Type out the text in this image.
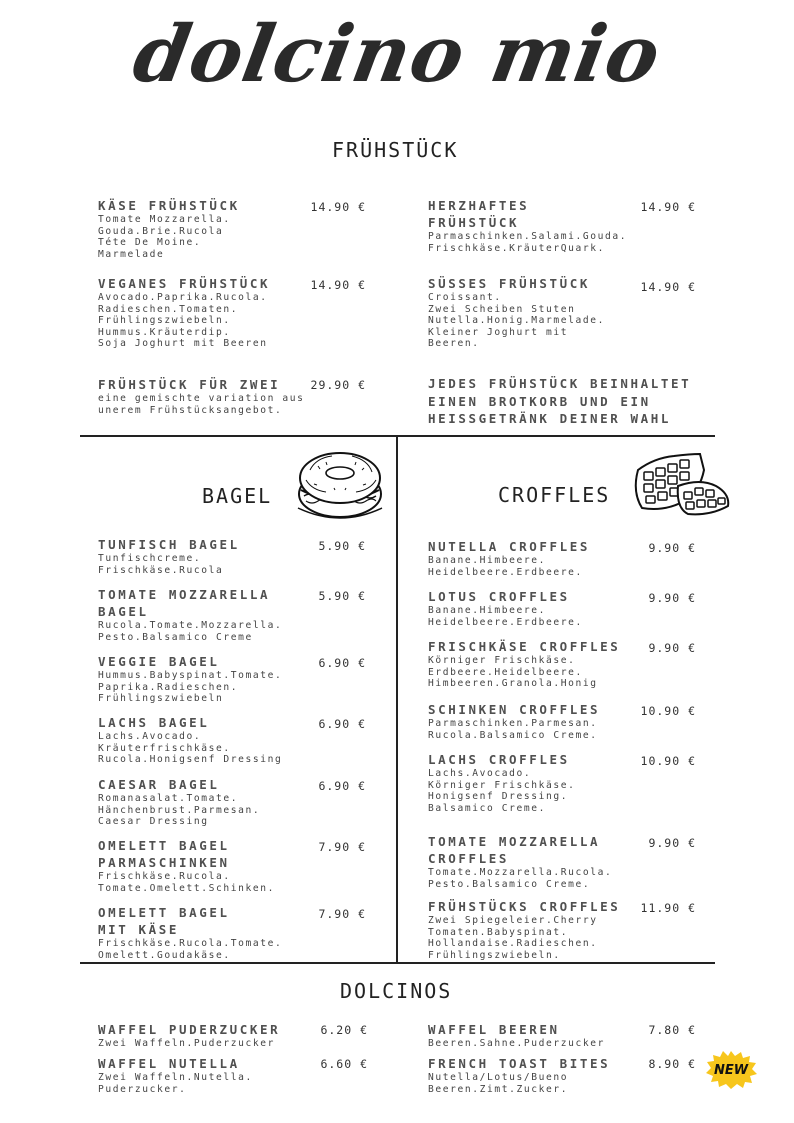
dolcino mio
FRÜHSTÜCK
KÄSE FRÜHSTÜCK
Tomate Mozzarella.
Gouda.Brie.Rucola
Téte De Moine.
Marmelade
14.90 €
VEGANES FRÜHSTÜCK
Avocado.Paprika.Rucola.
Radieschen.Tomaten.
Frühlingszwiebeln.
Hummus.Kräuterdip.
Soja Joghurt mit Beeren
14.90 €
FRÜHSTÜCK FÜR ZWEI
eine gemischte variation aus
unerem Frühstücksangebot.
29.90 €
HERZHAFTES
FRÜHSTÜCK
Parmaschinken.Salami.Gouda.
Frischkäse.KräuterQuark.
14.90 €
SÜSSES FRÜHSTÜCK
Croissant.
Zwei Scheiben Stuten
Nutella.Honig.Marmelade.
Kleiner Joghurt mit
Beeren.
14.90 €
JEDES FRÜHSTÜCK BEINHALTET
EINEN BROTKORB UND EIN
HEISSGETRÄNK DEINER WAHL
BAGEL	CROFFLES
TUNFISCH BAGEL
Tunfischcreme.
Frischkäse.Rucola
5.90 €
TOMATE MOZZARELLA
BAGEL
Rucola.Tomate.Mozzarella.
Pesto.Balsamico Creme
5.90 €
VEGGIE BAGEL
Hummus.Babyspinat.Tomate.
Paprika.Radieschen.
Frühlingszwiebeln
6.90 €
LACHS BAGEL
Lachs.Avocado.
Kräuterfrischkäse.
Rucola.Honigsenf Dressing
6.90 €
CAESAR BAGEL
Romanasalat.Tomate.
Hänchenbrust.Parmesan.
Caesar Dressing
6.90 €
OMELETT BAGEL
PARMASCHINKEN
Frischkäse.Rucola.
Tomate.Omelett.Schinken.
7.90 €
OMELETT BAGEL
MIT KÄSE
Frischkäse.Rucola.Tomate.
Omelett.Goudakäse.
7.90 €
NUTELLA CROFFLES
Banane.Himbeere.
Heidelbeere.Erdbeere.
9.90 €
LOTUS CROFFLES
Banane.Himbeere.
Heidelbeere.Erdbeere.
9.90 €
FRISCHKÄSE CROFFLES
Körniger Frischkäse.
Erdbeere.Heidelbeere.
Himbeeren.Granola.Honig
9.90 €
SCHINKEN CROFFLES
Parmaschinken.Parmesan.
Rucola.Balsamico Creme.
10.90 €
LACHS CROFFLES
Lachs.Avocado.
Körniger Frischkäse.
Honigsenf Dressing.
Balsamico Creme.
10.90 €
TOMATE MOZZARELLA
CROFFLES
Tomate.Mozzarella.Rucola.
Pesto.Balsamico Creme.
9.90 €
FRÜHSTÜCKS CROFFLES
Zwei Spiegeleier.Cherry
Tomaten.Babyspinat.
Hollandaise.Radieschen.
Frühlingszwiebeln.
11.90 €
DOLCINOS
WAFFEL PUDERZUCKER
Zwei Waffeln.Puderzucker
6.20 €
WAFFEL NUTELLA
Zwei Waffeln.Nutella.
Puderzucker.
6.60 €
WAFFEL BEEREN
Beeren.Sahne.Puderzucker
7.80 €
FRENCH TOAST BITES
Nutella/Lotus/Bueno
Beeren.Zimt.Zucker.
8.90 € NEW
